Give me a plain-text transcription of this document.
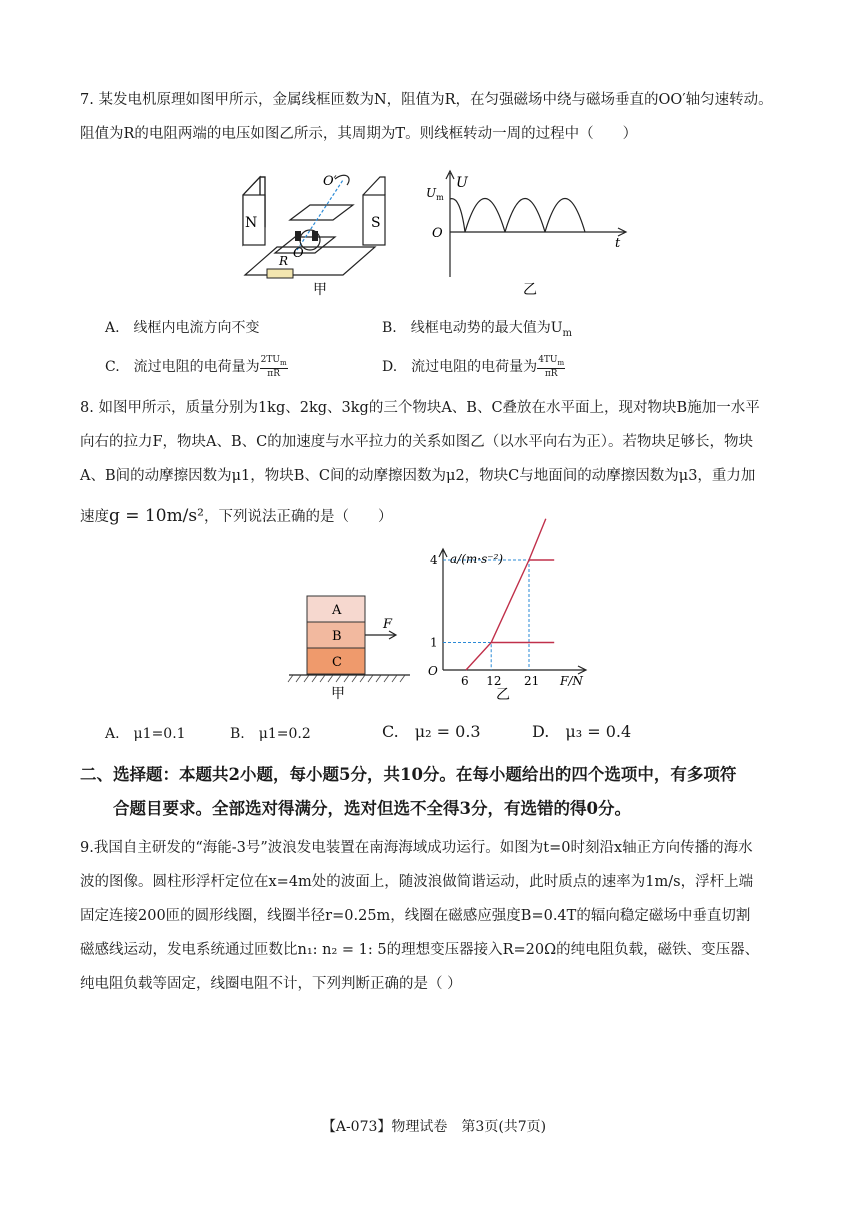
7. 某发电机原理如图甲所示，金属线框匝数为N，阻值为R，在匀强磁场中绕与磁场垂直的OO′轴匀速转动。
阻值为R的电阻两端的电压如图乙所示，其周期为T。则线框转动一周的过程中（　　）
N	S
O
O′
R
甲
U
$U_m$
O
t
乙
A.　线框内电流方向不变	B.　线框电动势的最大值为$U_m$
C.　流过电阻的电荷量为 $\frac{2TU_m}{\pi R}$	D.　流过电阻的电荷量为 $\frac{4TU_m}{\pi R}$
8. 如图甲所示，质量分别为1kg、2kg、3kg的三个物块A、B、C叠放在水平面上，现对物块B施加一水平
向右的拉力F，物块A、B、C的加速度与水平拉力的关系如图乙（以水平向右为正）。若物块足够长，物块
A、B间的动摩擦因数为μ1，物块B、C间的动摩擦因数为μ2，物块C与地面间的动摩擦因数为μ3，重力加
速度g = 10m/s²，下列说法正确的是（　　）
A
B
C
F
甲
6 12 21
1
4 a/(m·s⁻²)
F/N
O
乙
A.　μ1=0.1	B.　μ1=0.2	C.　μ₂ = 0.3	D.　μ₃ = 0.4
二、选择题：本题共2小题，每小题5分，共10分。在每小题给出的四个选项中，有多项符
合题目要求。全部选对得满分，选对但选不全得3分，有选错的得0分。
9.我国自主研发的“海能-3号”波浪发电装置在南海海域成功运行。如图为t=0时刻沿x轴正方向传播的海水
波的图像。圆柱形浮杆定位在x=4m处的波面上，随波浪做简谐运动，此时质点的速率为1m/s，浮杆上端
固定连接200匝的圆形线圈，线圈半径r=0.25m，线圈在磁感应强度B=0.4T的辐向稳定磁场中垂直切割
磁感线运动，发电系统通过匝数比n₁: n₂ = 1: 5的理想变压器接入R=20Ω的纯电阻负载，磁铁、变压器、
纯电阻负载等固定，线圈电阻不计，下列判断正确的是（ ）
【A-073】物理试卷　第3页(共7页)
